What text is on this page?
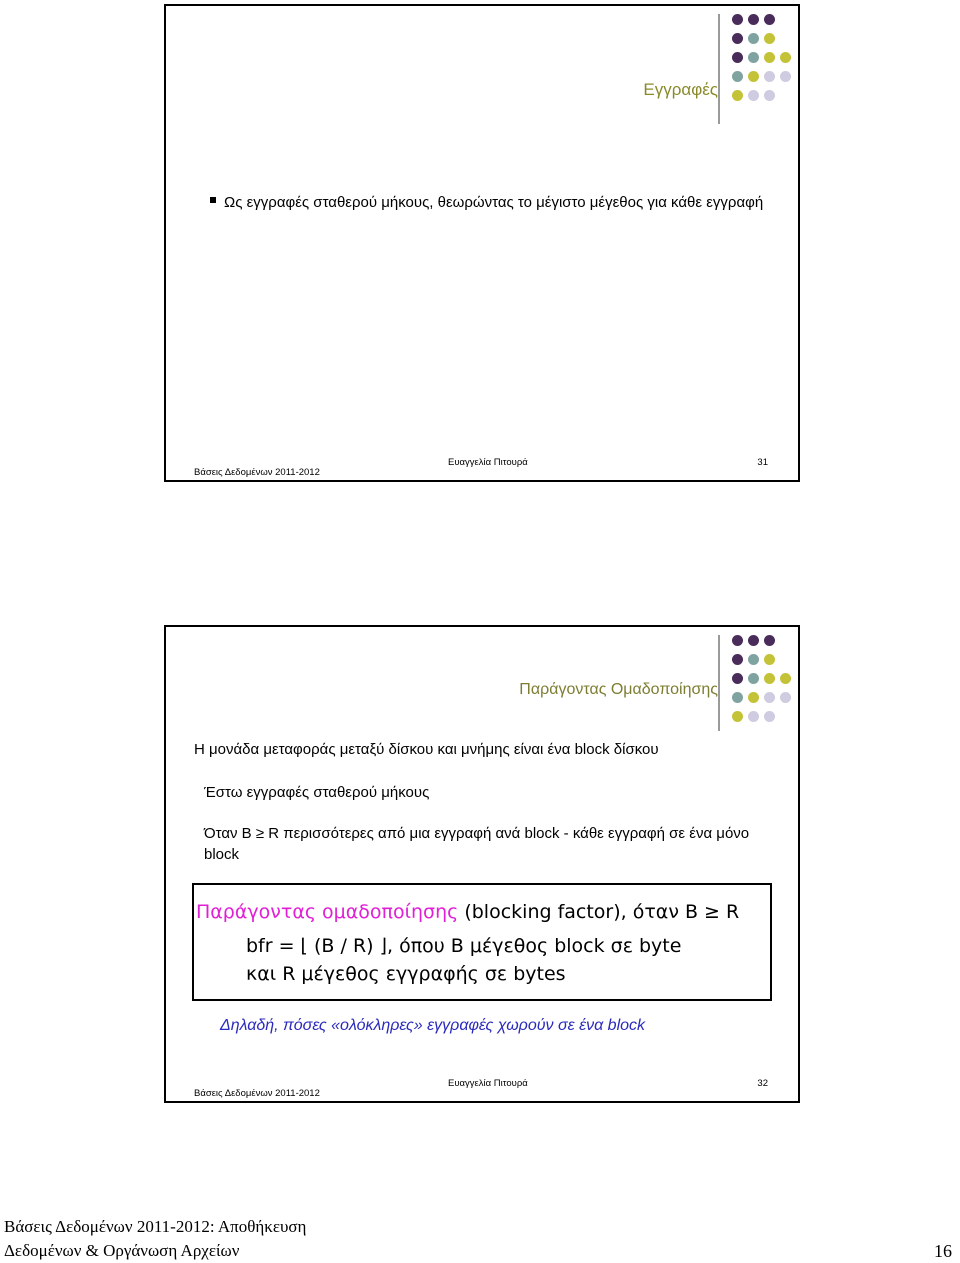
Εγγραφές
Ως εγγραφές σταθερού μήκους, θεωρώντας το μέγιστο μέγεθος για κάθε εγγραφή
Βάσεις Δεδομένων 2011-2012
Ευαγγελία Πιτουρά	31
Παράγοντας Ομαδοποίησης
Η μονάδα μεταφοράς μεταξύ δίσκου και μνήμης είναι ένα block δίσκου
Έστω εγγραφές σταθερού μήκους
Όταν B ≥ R περισσότερες από μια εγγραφή ανά block - κάθε εγγραφή σε ένα μόνο block
Παράγοντας ομαδοποίησης (blocking factor), όταν B ≥ R
bfr = ⌊ (B / R) ⌋, όπου B μέγεθος block σε byte
και R μέγεθος εγγραφής σε bytes
Δηλαδή, πόσες «ολόκληρες» εγγραφές χωρούν σε ένα block
Βάσεις Δεδομένων 2011-2012
Ευαγγελία Πιτουρά	32
Βάσεις Δεδομένων 2011-2012: Αποθήκευση Δεδομένων & Οργάνωση Αρχείων	16
